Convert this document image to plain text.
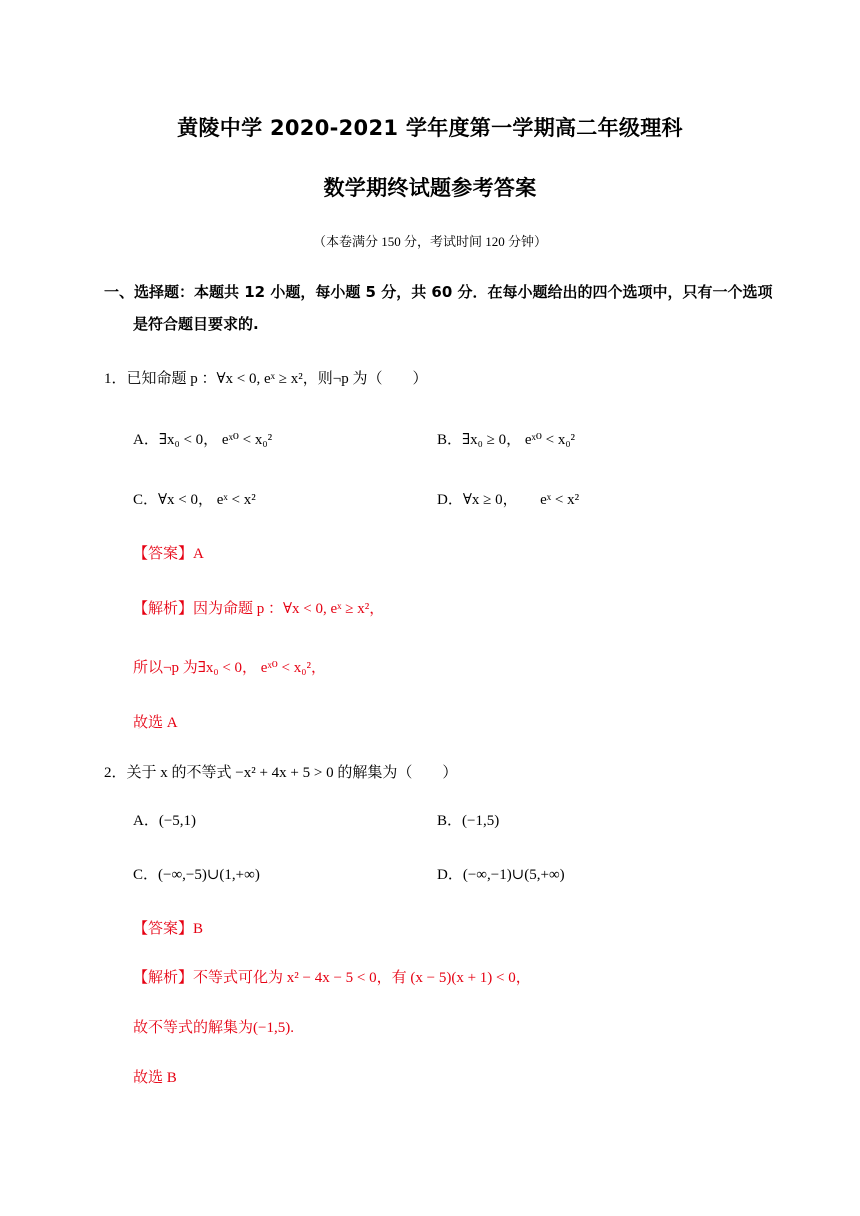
黄陵中学 2020-2021 学年度第一学期高二年级理科
数学期终试题参考答案
（本卷满分 150 分，考试时间 120 分钟）
一、选择题：本题共 12 小题，每小题 5 分，共 60 分．在每小题给出的四个选项中，只有一个选项
是符合题目要求的.
1．已知命题 p ：∀x < 0, eˣ ≥ x²，则¬p 为（　　）
A．∃x₀ < 0， eˣ⁰ < x₀²	B．∃x₀ ≥ 0， eˣ⁰ < x₀²
C．∀x < 0， eˣ < x²	D．∀x ≥ 0，　　eˣ < x²
【答案】A
【解析】因为命题 p ：∀x < 0, eˣ ≥ x²，
所以¬p 为∃x₀ < 0， eˣ⁰ < x₀²，
故选 A
2．关于 x 的不等式 −x² + 4x + 5 > 0 的解集为（　　）
A．(−5,1)	B．(−1,5)
C．(−∞,−5)∪(1,+∞)	D．(−∞,−1)∪(5,+∞)
【答案】B
【解析】不等式可化为 x² − 4x − 5 < 0，有 (x − 5)(x + 1) < 0，
故不等式的解集为(−1,5).
故选 B
